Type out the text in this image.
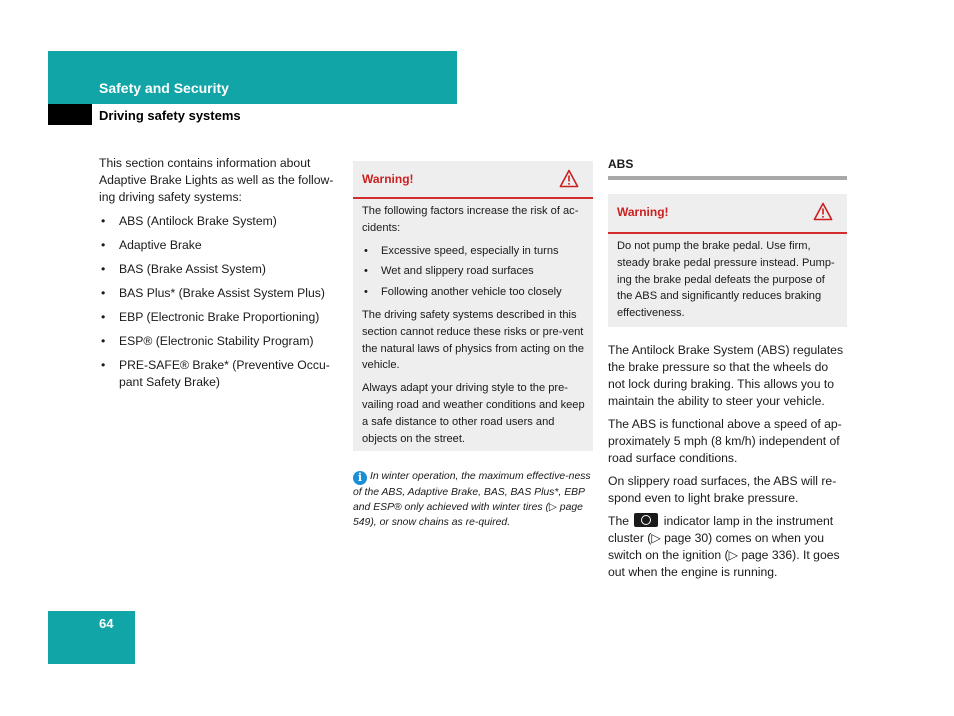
Safety and Security
Driving safety systems

This section contains information about Adaptive Brake Lights as well as the follow-ing driving safety systems:

• ABS (Antilock Brake System)
• Adaptive Brake
• BAS (Brake Assist System)
• BAS Plus* (Brake Assist System Plus)
• EBP (Electronic Brake Proportioning)
• ESP® (Electronic Stability Program)
• PRE-SAFE® Brake* (Preventive Occu-pant Safety Brake)
Warning!

The following factors increase the risk of ac-cidents:

• Excessive speed, especially in turns
• Wet and slippery road surfaces
• Following another vehicle too closely

The driving safety systems described in this section cannot reduce these risks or pre-vent the natural laws of physics from acting on the vehicle.

Always adapt your driving style to the pre-vailing road and weather conditions and keep a safe distance to other road users and objects on the street.

i In winter operation, the maximum effective-ness of the ABS, Adaptive Brake, BAS, BAS Plus*, EBP and ESP® only achieved with winter tires (▷ page 549), or snow chains as re-quired.
ABS
Warning!

Do not pump the brake pedal. Use firm, steady brake pedal pressure instead. Pump-ing the brake pedal defeats the purpose of the ABS and significantly reduces braking effectiveness.

The Antilock Brake System (ABS) regulates the brake pressure so that the wheels do not lock during braking. This allows you to maintain the ability to steer your vehicle.

The ABS is functional above a speed of ap-proximately 5 mph (8 km/h) independent of road surface conditions.

On slippery road surfaces, the ABS will re-spond even to light brake pressure.

The	indicator lamp in the instrument cluster (▷ page 30) comes on when you switch on the ignition (▷ page 336). It goes out when the engine is running.

64
